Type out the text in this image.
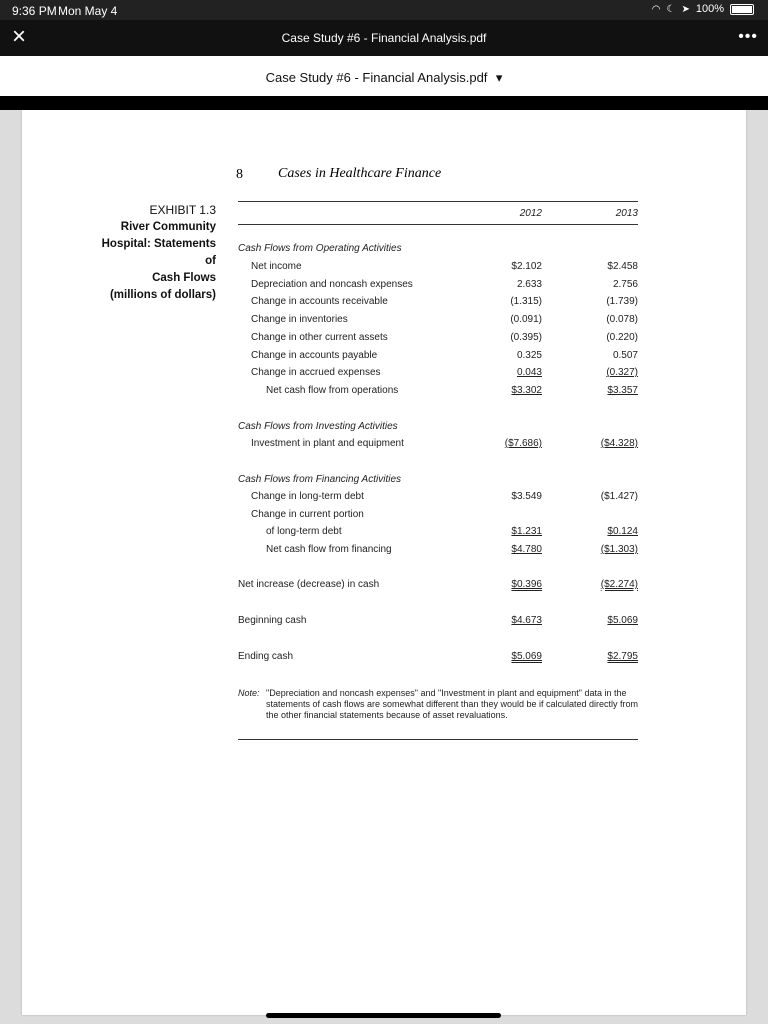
9:36 PM Mon May 4	◠ ☾ ➤ 100%
×	Case Study #6 - Financial Analysis.pdf	•••
$_{Case Study \#6 - Financial Analysis.pdf}$ $_▾$
8	Cases in Healthcare Finance
EXHIBIT 1.3
River Community
Hospital: Statements of
Cash Flows
(millions of dollars)
2012	2013
Cash Flows from Operating Activities
Net income	$2.102	$2.458
Depreciation and noncash expenses	2.633	2.756
Change in accounts receivable	(1.315)	(1.739)
Change in inventories	(0.091)	(0.078)
Change in other current assets	(0.395)	(0.220)
Change in accounts payable	0.325	0.507
Change in accrued expenses	0.043	(0.327)
Net cash flow from operations	$3.302	$3.357
Cash Flows from Investing Activities
Investment in plant and equipment	($7.686)	($4.328)
Cash Flows from Financing Activities
Change in long-term debt	$3.549	($1.427)
Change in current portion
of long-term debt	$1.231	$0.124
Net cash flow from financing	$4.780	($1.303)
Net increase (decrease) in cash	$0.396	($2.274)
Beginning cash	$4.673	$5.069
Ending cash	$5.069	$2.795
Note: "Depreciation and noncash expenses" and "Investment in plant and equipment" data in the statements of cash flows are somewhat different than they would be if calculated directly from the other financial statements because of asset revaluations.
